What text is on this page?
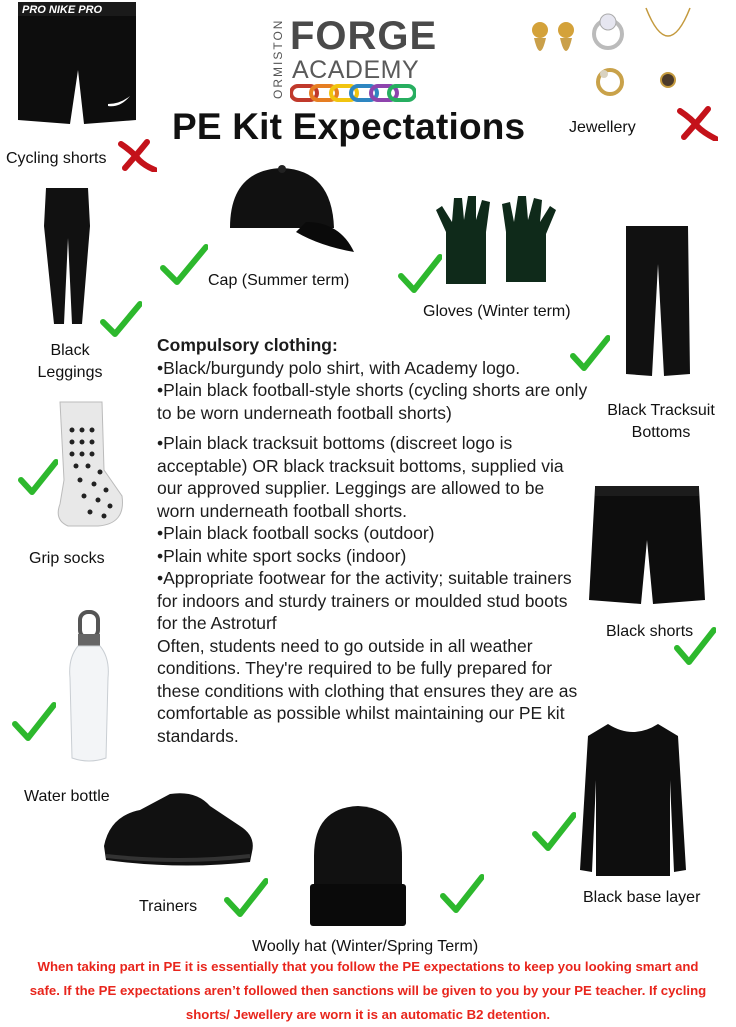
ORMISTON FORGE
ACADEMY
PE Kit Expectations
PRO NIKE PRO
Cycling shorts
Jewellery
Black
Leggings
Cap (Summer term)
Gloves (Winter term)
Black Tracksuit
Bottoms
Compulsory clothing:
•Black/burgundy polo shirt, with Academy logo.
•Plain black football-style shorts (cycling shorts are only
to be worn underneath football shorts)
•Plain black tracksuit bottoms (discreet logo is
acceptable) OR black tracksuit bottoms, supplied via
our approved supplier. Leggings are allowed to be
worn underneath football shorts.
•Plain black football socks (outdoor)
•Plain white sport socks (indoor)
•Appropriate footwear for the activity; suitable trainers
for indoors and sturdy trainers or moulded stud boots
for the Astroturf
Often, students need to go outside in all weather
conditions. They're required to be fully prepared for
these conditions with clothing that ensures they are as
comfortable as possible whilst maintaining our PE kit
standards.
Grip socks
Black shorts
Water bottle
Black base layer
Trainers
Woolly hat (Winter/Spring Term)
When taking part in PE it is essentially that you follow the PE expectations to keep you looking smart and
safe. If the PE expectations aren’t followed then sanctions will be given to you by your PE teacher. If cycling
shorts/ Jewellery are worn it is an automatic B2 detention.
